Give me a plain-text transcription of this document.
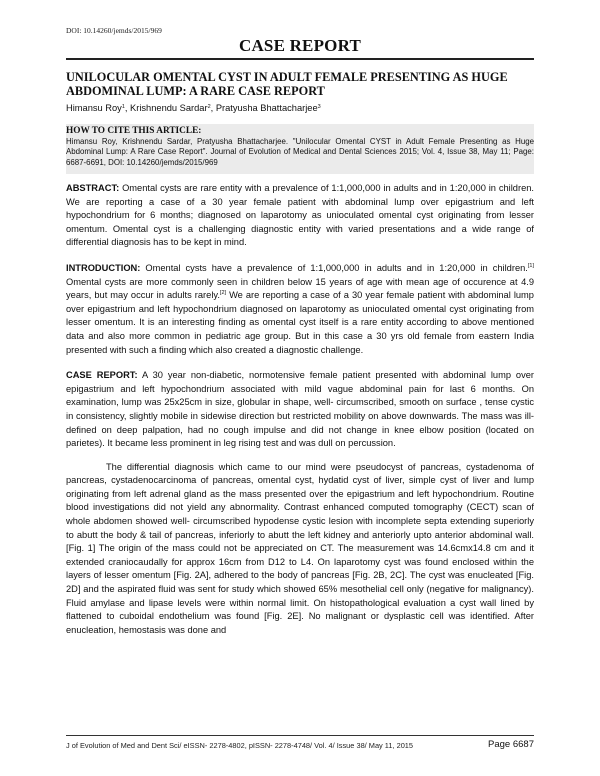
DOI: 10.14260/jemds/2015/969
CASE REPORT
UNILOCULAR OMENTAL CYST IN ADULT FEMALE PRESENTING AS HUGE ABDOMINAL LUMP: A RARE CASE REPORT
Himansu Roy$^1$, Krishnendu Sardar$^2$, Pratyusha Bhattacharjee$^3$
HOW TO CITE THIS ARTICLE:
Himansu Roy, Krishnendu Sardar, Pratyusha Bhattacharjee. "Unilocular Omental CYST in Adult Female Presenting as Huge Abdominal Lump: A Rare Case Report". Journal of Evolution of Medical and Dental Sciences 2015; Vol. 4, Issue 38, May 11; Page: 6687-6691, DOI: 10.14260/jemds/2015/969

ABSTRACT: Omental cysts are rare entity with a prevalence of 1:1,000,000 in adults and in 1:20,000 in children. We are reporting a case of a 30 year female patient with abdominal lump over epigastrium and left hypochondrium for 6 months; diagnosed on laparotomy as unioculated omental cyst originating from lesser omentum. Omental cyst is a challenging diagnostic entity with varied presentations and a wide range of differential diagnosis has to be kept in mind.

INTRODUCTION: Omental cysts have a prevalence of 1:1,000,000 in adults and in 1:20,000 in children.[1] Omental cysts are more commonly seen in children below 15 years of age with mean age of occurence at 4.9 years, but may occur in adults rarely.[2] We are reporting a case of a 30 year female patient with abdominal lump over epigastrium and left hypochondrium diagnosed on laparotomy as unioculated omental cyst originating from lesser omentum. It is an interesting finding as omental cyst itself is a rare entity according to above mentioned data and also more common in pediatric age group. But in this case a 30 yrs old female from eastern India presented with such a finding which also created a diagnostic challenge.

CASE REPORT: A 30 year non-diabetic, normotensive female patient presented with abdominal lump over epigastrium and left hypochondrium associated with mild vague abdominal pain for last 6 months. On examination, lump was 25x25cm in size, globular in shape, well- circumscribed, smooth on surface , tense cystic in consistency, slightly mobile in sidewise direction but restricted mobility on above downwards. The mass was ill-defined on deep palpation, had no cough impulse and did not change in knee elbow position (located on parietes). It became less prominent in leg rising test and was dull on percussion.

The differential diagnosis which came to our mind were pseudocyst of pancreas, cystadenoma of pancreas, cystadenocarcinoma of pancreas, omental cyst, hydatid cyst of liver, simple cyst of liver and lump originating from left adrenal gland as the mass presented over the epigastrium and left hypochondrium. Routine blood investigations did not yield any abnormality. Contrast enhanced computed tomography (CECT) scan of whole abdomen showed well- circumscribed hypodense cystic lesion with incomplete septa extending superiorly to abutt the body & tail of pancreas, inferiorly to abutt the left kidney and anteriorly upto anterior abdominal wall. [Fig. 1] The origin of the mass could not be appreciated on CT. The measurement was 14.6cmx14.8 cm and it extended craniocaudally for approx 16cm from D12 to L4. On laparotomy cyst was found enclosed within the layers of lesser omentum [Fig. 2A], adhered to the body of pancreas [Fig. 2B, 2C]. The cyst was enucleated [Fig. 2D] and the aspirated fluid was sent for study which showed 65% mesothelial cell only (negative for malignancy). Fluid amylase and lipase levels were within normal limit. On histopathological evaluation a cyst wall lined by flattened to cuboidal endothelium was found [Fig. 2E]. No malignant or dysplastic cell was identified. After enucleation, hemostasis was done and

J of Evolution of Med and Dent Sci/ eISSN- 2278-4802, pISSN- 2278-4748/ Vol. 4/ Issue 38/ May 11, 2015	Page 6687
